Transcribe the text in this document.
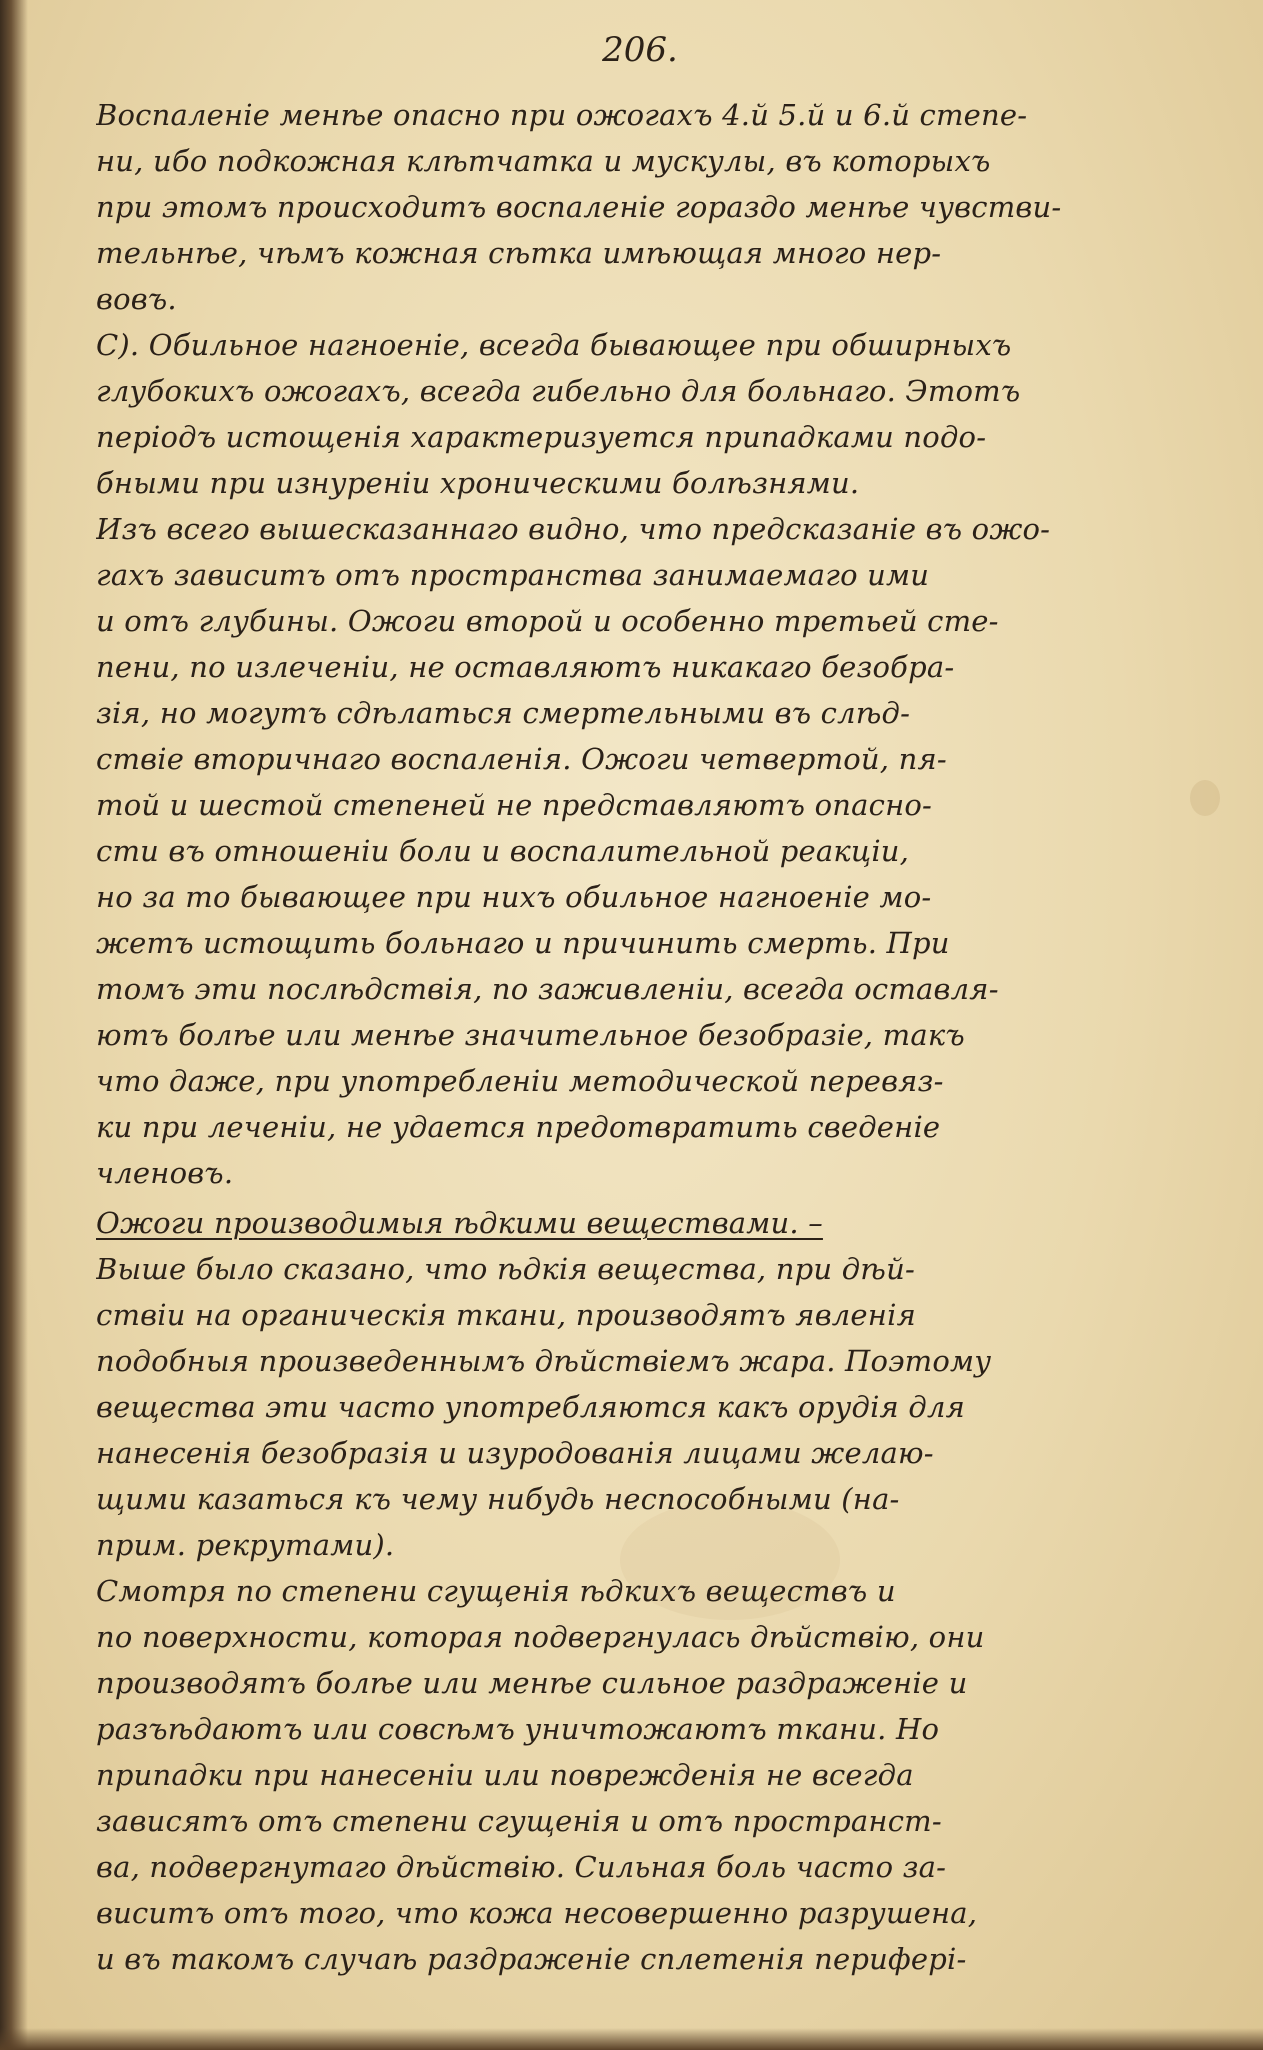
206.
Воспаленiе менѣе опасно при ожогахъ 4.й 5.й и 6.й степе-
ни, ибо подкожная клѣтчатка и мускулы, въ которыхъ
при этомъ происходитъ воспаленiе гораздо менѣе чувстви-
тельнѣе, чѣмъ кожная сѣтка имѣющая много нер-
вовъ.
С). Обильное нагноенiе, всегда бывающее при обширныхъ
глубокихъ ожогахъ, всегда гибельно для больнаго. Этотъ
перiодъ истощенiя характеризуется припадками подо-
бными при изнуренiи хроническими болѣзнями.
Изъ всего вышесказаннаго видно, что предсказанiе въ ожо-
гахъ зависитъ отъ пространства занимаемаго ими
и отъ глубины. Ожоги второй и особенно третьей сте-
пени, по излеченiи, не оставляютъ никакаго безобра-
зiя, но могутъ сдѣлаться смертельными въ слѣд-
ствiе вторичнаго воспаленiя. Ожоги четвертой, пя-
той и шестой степеней не представляютъ опасно-
сти въ отношенiи боли и воспалительной реакцiи,
но за то бывающее при нихъ обильное нагноенiе мо-
жетъ истощить больнаго и причинить смерть. При
томъ эти послѣдствiя, по заживленiи, всегда оставля-
ютъ болѣе или менѣе значительное безобразiе, такъ
что даже, при употребленiи методической перевяз-
ки при леченiи, не удается предотвратить сведенiе
членовъ.
Ожоги производимыя ѣдкими веществами. –
Выше было сказано, что ѣдкiя вещества, при дѣй-
ствiи на органическiя ткани, производятъ явленiя
подобныя произведеннымъ дѣйствiемъ жара. Поэтому
вещества эти часто употребляются какъ орудiя для
нанесенiя безобразiя и изуродованiя лицами желаю-
щими казаться къ чему нибудь неспособными (на-
прим. рекрутами).
Смотря по степени сгущенiя ѣдкихъ веществъ и
по поверхности, которая подвергнулась дѣйствiю, они
производятъ болѣе или менѣе сильное раздраженiе и
разъѣдаютъ или совсѣмъ уничтожаютъ ткани. Но
припадки при нанесенiи или поврежденiя не всегда
зависятъ отъ степени сгущенiя и отъ пространст-
ва, подвергнутаго дѣйствiю. Сильная боль часто за-
виситъ отъ того, что кожа несовершенно разрушена,
и въ такомъ случаѣ раздраженiе сплетенiя периферi-
